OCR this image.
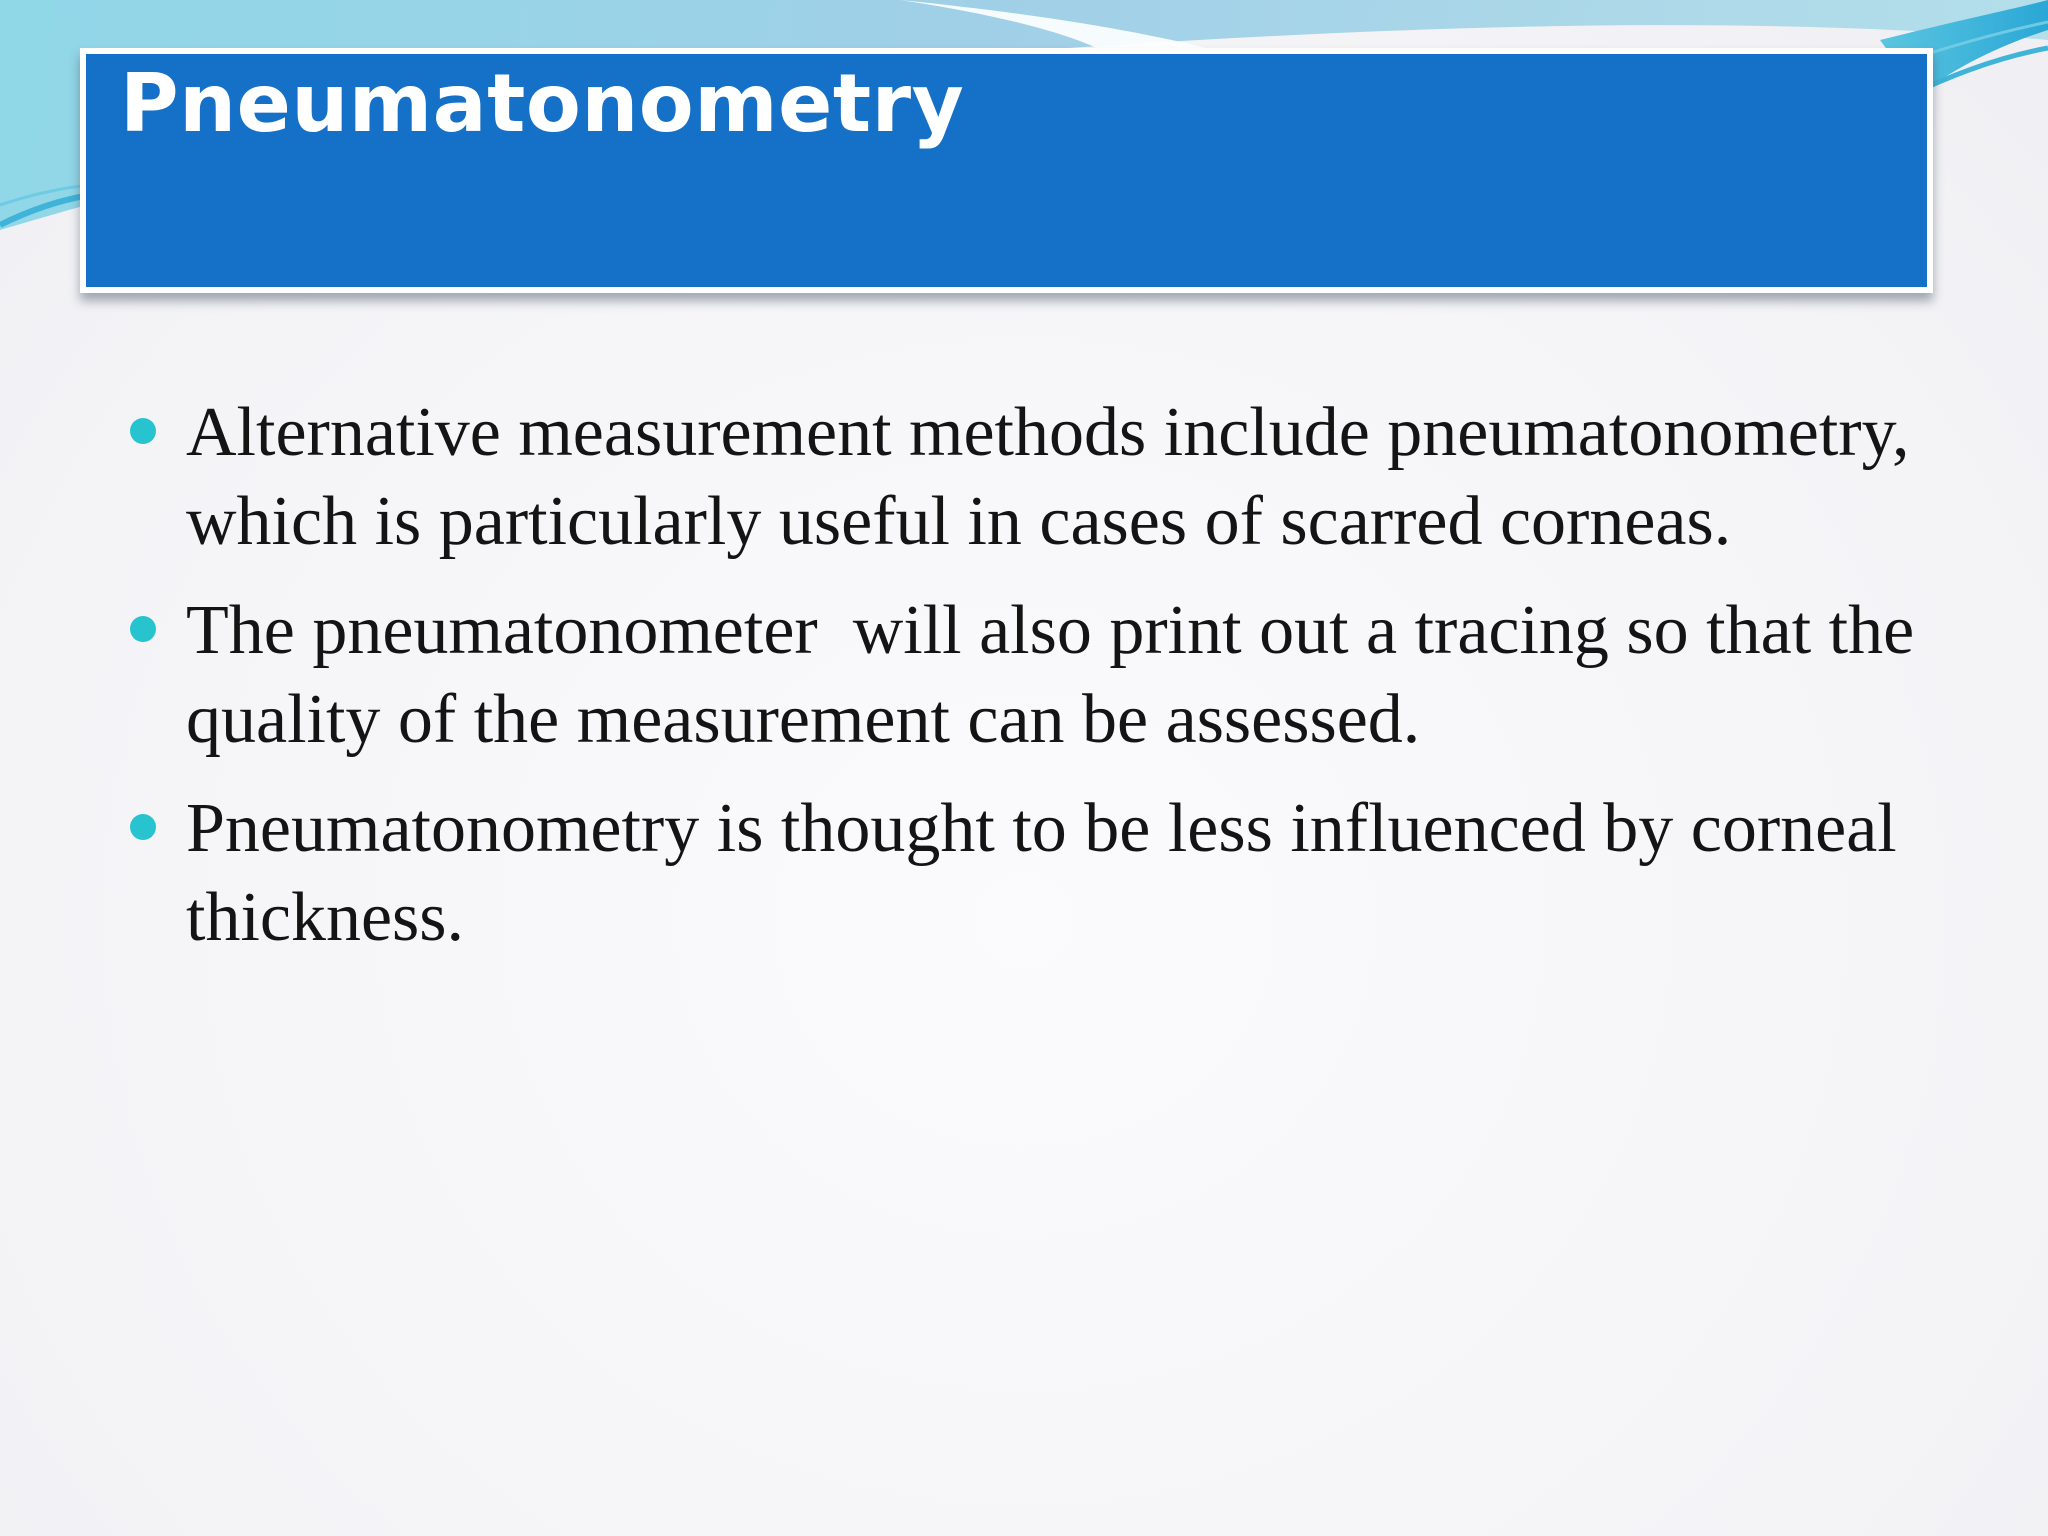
Pneumatonometry
Alternative measurement methods include pneumatonometry, which is particularly useful in cases of scarred corneas.
The pneumatonometer  will also print out a tracing so that the quality of the measurement can be assessed.
Pneumatonometry is thought to be less influenced by corneal thickness.
